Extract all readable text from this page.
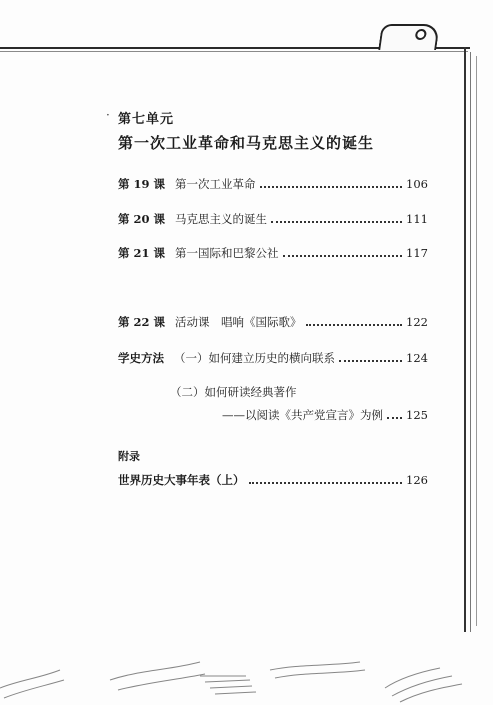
· 第七单元
第一次工业革命和马克思主义的诞生
第 19 课 第一次工业革命	106
第 20 课 马克思主义的诞生	111
第 21 课 第一国际和巴黎公社	117
第 22 课 活动课　唱响《国际歌》	122
学史方法 （一）如何建立历史的横向联系	124
（二）如何研读经典著作
——以阅读《共产党宣言》为例 125
附录
世界历史大事年表（上）	126
